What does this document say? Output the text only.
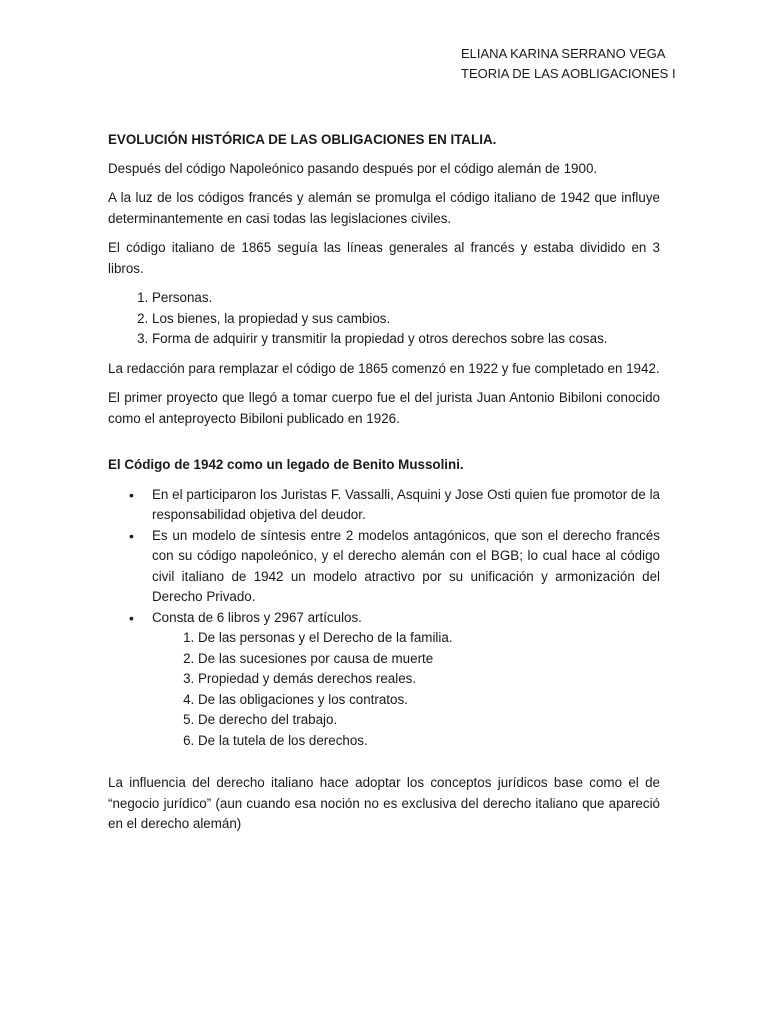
ELIANA KARINA SERRANO VEGA
TEORIA DE LAS AOBLIGACIONES I
EVOLUCIÓN HISTÓRICA DE LAS OBLIGACIONES EN ITALIA.

Después del código Napoleónico pasando después por el código alemán de 1900.

A la luz de los códigos francés y alemán se promulga el código italiano de 1942 que influye determinantemente en casi todas las legislaciones civiles.

El código italiano de 1865 seguía las líneas generales al francés y estaba dividido en 3 libros.

1. Personas.
2. Los bienes, la propiedad y sus cambios.
3. Forma de adquirir y transmitir la propiedad y otros derechos sobre las cosas.

La redacción para remplazar el código de 1865 comenzó en 1922 y fue completado en 1942.

El primer proyecto que llegó a tomar cuerpo fue el del jurista Juan Antonio Bibiloni conocido como el anteproyecto Bibiloni publicado en 1926.

El Código de 1942 como un legado de Benito Mussolini.
• En el participaron los Juristas F. Vassalli, Asquini y Jose Osti quien fue promotor de la responsabilidad objetiva del deudor.
• Es un modelo de síntesis entre 2 modelos antagónicos, que son el derecho francés con su código napoleónico, y el derecho alemán con el BGB; lo cual hace al código civil italiano de 1942 un modelo atractivo por su unificación y armonización del Derecho Privado.
• Consta de 6 libros y 2967 artículos.
1. De las personas y el Derecho de la familia.
2. De las sucesiones por causa de muerte
3. Propiedad y demás derechos reales.
4. De las obligaciones y los contratos.
5. De derecho del trabajo.
6. De la tutela de los derechos.

La influencia del derecho italiano hace adoptar los conceptos jurídicos base como el de “negocio jurídico” (aun cuando esa noción no es exclusiva del derecho italiano que apareció en el derecho alemán)
